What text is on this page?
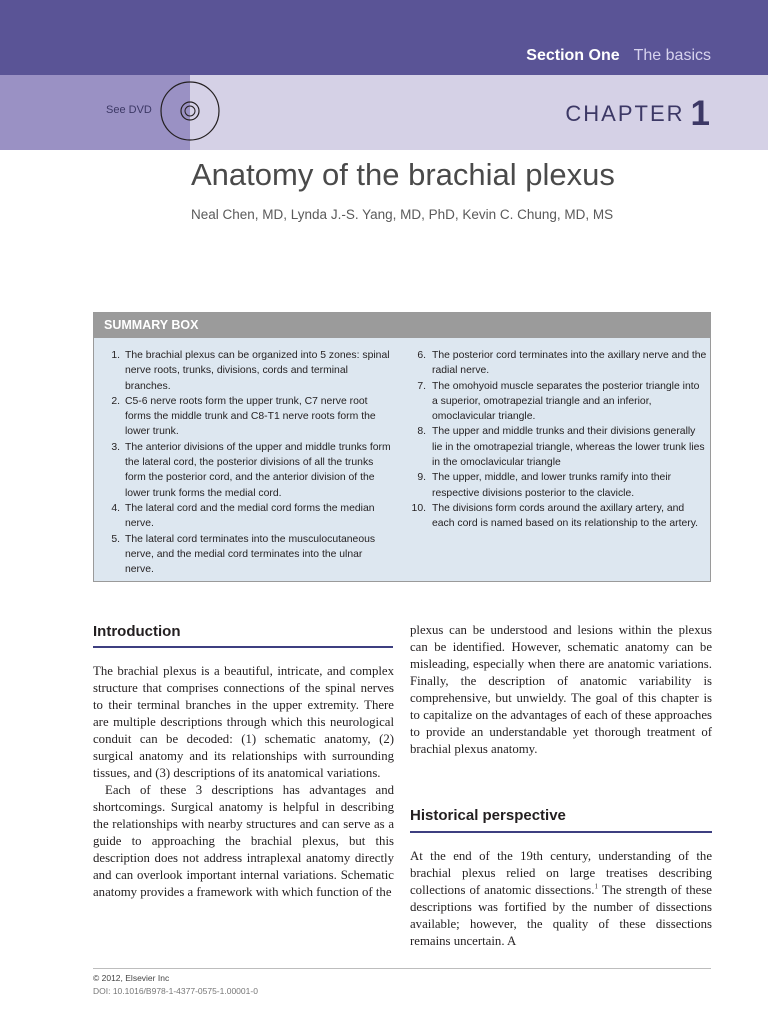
Section One The basics
See DVD	CHAPTER 1
Anatomy of the brachial plexus
Neal Chen, MD, Lynda J.-S. Yang, MD, PhD, Kevin C. Chung, MD, MS
SUMMARY BOX
1. The brachial plexus can be organized into 5 zones: spinal nerve roots, trunks, divisions, cords and terminal branches.
2. C5-6 nerve roots form the upper trunk, C7 nerve root forms the middle trunk and C8-T1 nerve roots form the lower trunk.
3. The anterior divisions of the upper and middle trunks form the lateral cord, the posterior divisions of all the trunks form the posterior cord, and the anterior division of the lower trunk forms the medial cord.
4. The lateral cord and the medial cord forms the median nerve.
5. The lateral cord terminates into the musculocutaneous nerve, and the medial cord terminates into the ulnar nerve.
6. The posterior cord terminates into the axillary nerve and the radial nerve.
7. The omohyoid muscle separates the posterior triangle into a superior, omotrapezial triangle and an inferior, omoclavicular triangle.
8. The upper and middle trunks and their divisions generally lie in the omotrapezial triangle, whereas the lower trunk lies in the omoclavicular triangle
9. The upper, middle, and lower trunks ramify into their respective divisions posterior to the clavicle.
10. The divisions form cords around the axillary artery, and each cord is named based on its relationship to the artery.
Introduction

The brachial plexus is a beautiful, intricate, and complex structure that comprises connections of the spinal nerves to their terminal branches in the upper extremity. There are multiple descriptions through which this neurological conduit can be decoded: (1) schematic anatomy, (2) surgical anatomy and its relationships with surrounding tissues, and (3) descriptions of its anatomical variations.

Each of these 3 descriptions has advantages and shortcomings. Surgical anatomy is helpful in describing the relationships with nearby structures and can serve as a guide to approaching the brachial plexus, but this description does not address intraplexal anatomy directly and can overlook important internal variations. Schematic anatomy provides a framework with which function of the

plexus can be understood and lesions within the plexus can be identified. However, schematic anatomy can be misleading, especially when there are anatomic variations. Finally, the description of anatomic variability is comprehensive, but unwieldy. The goal of this chapter is to capitalize on the advantages of each of these approaches to provide an understandable yet thorough treatment of brachial plexus anatomy.

Historical perspective

At the end of the 19th century, understanding of the brachial plexus relied on large treatises describing collections of anatomic dissections.$^1$ The strength of these descriptions was fortified by the number of dissections available; however, the quality of these dissections remains uncertain. A

© 2012, Elsevier Inc
DOI: 10.1016/B978-1-4377-0575-1.00001-0
